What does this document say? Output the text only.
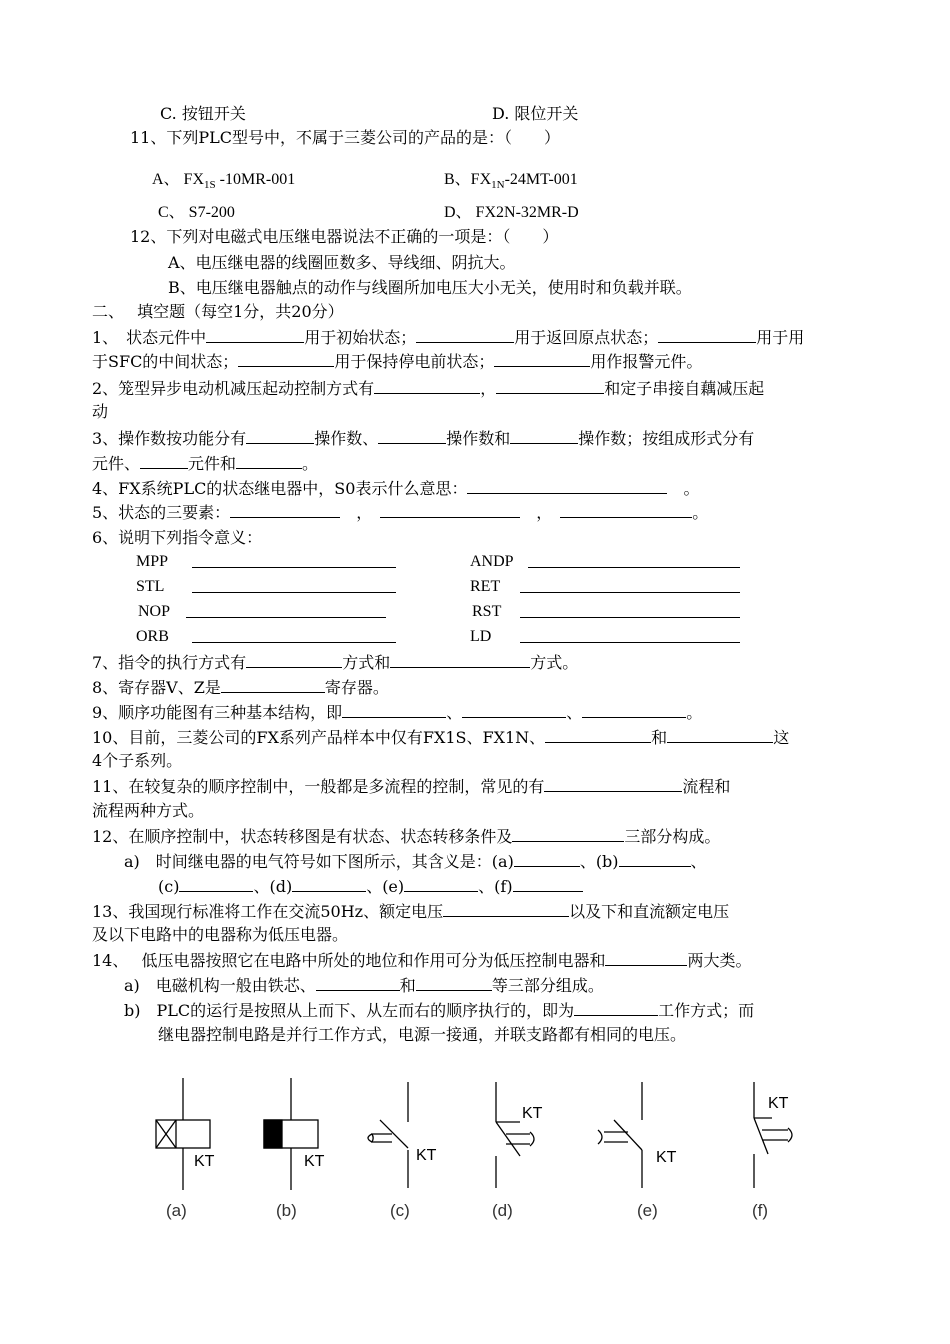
C. 按钮开关	D. 限位开关
11、下列PLC型号中，不属于三菱公司的产品的是：（　　）
A、 $FX_{1S}$ -10MR-001	B、$FX_{1N}-24MT-001$
C、 S7-200	D、 FX2N-32MR-D
12、下列对电磁式电压继电器说法不正确的一项是：（　　）
A、电压继电器的线圈匝数多、导线细、阴抗大。
B、电压继电器触点的动作与线圈所加电压大小无关，使用时和负载并联。
二、　 填空题（每空1分，共20分）
1、　状态元件中	用于初始状态；	用于返回原点状态；	用于用
于SFC的中间状态；	用于保持停电前状态；	用作报警元件。
2、笼型异步电动机减压起动控制方式有	，	和定子串接自藕减压起
动
3、操作数按功能分有	操作数、	操作数和	操作数；按组成形式分有
元件、	元件和	。
4、FX系统PLC的状态继电器中，S0表示什么意思：　	。
5、状态的三要素：　	，　　	，　	。
6、说明下列指令意义：
MPP	ANDP
STL	RET
NOP	RST
ORB	LD
7、指令的执行方式有	方式和	方式。
8、寄存器V、Z是	寄存器。
9、顺序功能图有三种基本结构，即	、	、	。
10、目前，三菱公司的FX系列产品样本中仅有FX1S、FX1N、	和	这
4个子系列。
11、在较复杂的顺序控制中，一般都是多流程的控制，常见的有	流程和
流程两种方式。
12、在顺序控制中，状态转移图是有状态、状态转移条件及	三部分构成。
a)　时间继电器的电气符号如下图所示，其含义是：(a)	、(b)	、
(c)	、(d)	、(e)	、(f)
13、我国现行标准将工作在交流50Hz、额定电压	以及下和直流额定电压
及以下电路中的电器称为低压电器。
14、　 低压电器按照它在电路中所处的地位和作用可分为低压控制电器和	两大类。
a)　电磁机构一般由铁芯、	和	等三部分组成。
b)　PLC的运行是按照从上而下、从左而右的顺序执行的，即为	工作方式；而
继电器控制电路是并行工作方式，电源一接通，并联支路都有相同的电压。
KT	KT	KT
KT
KT
KT
(a)	(b)	(c)	(d)	(e)	(f)
